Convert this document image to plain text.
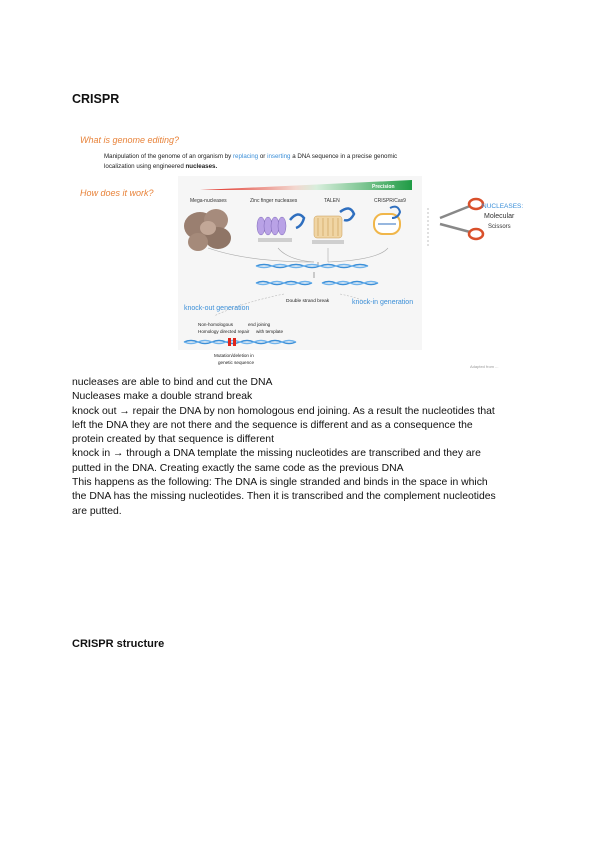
CRISPR
What is genome editing?
Manipulation of the genome of an organism by replacing or inserting a DNA sequence in a precise genomic
localization using engineered nucleases.
How does it work?
Precision
Mega-nucleases	Zinc finger nucleases	TALEN	CRISPR/Cas9
NUCLEASES:
Molecular
Scissors
Double strand break
knock-out generation
knock-in generation
Non-homologous	end joining
Homology directed repair with template
Mutation/deletion in
genetic sequence
Adapted from ...
nucleases are able to bind and cut the DNA
Nucleases make a double strand break
knock out → repair the DNA by non homologous end joining. As a result the nucleotides that
left the DNA they are not there and the sequence is different and as a consequence the
protein created by that sequence is different
knock in → through a DNA template the missing nucleotides are transcribed and they are
putted in the DNA. Creating exactly the same code as the previous DNA
This happens as the following: The DNA is single stranded and binds in the space in which
the DNA has the missing nucleotides. Then it is transcribed and the complement nucleotides
are putted.
CRISPR structure
